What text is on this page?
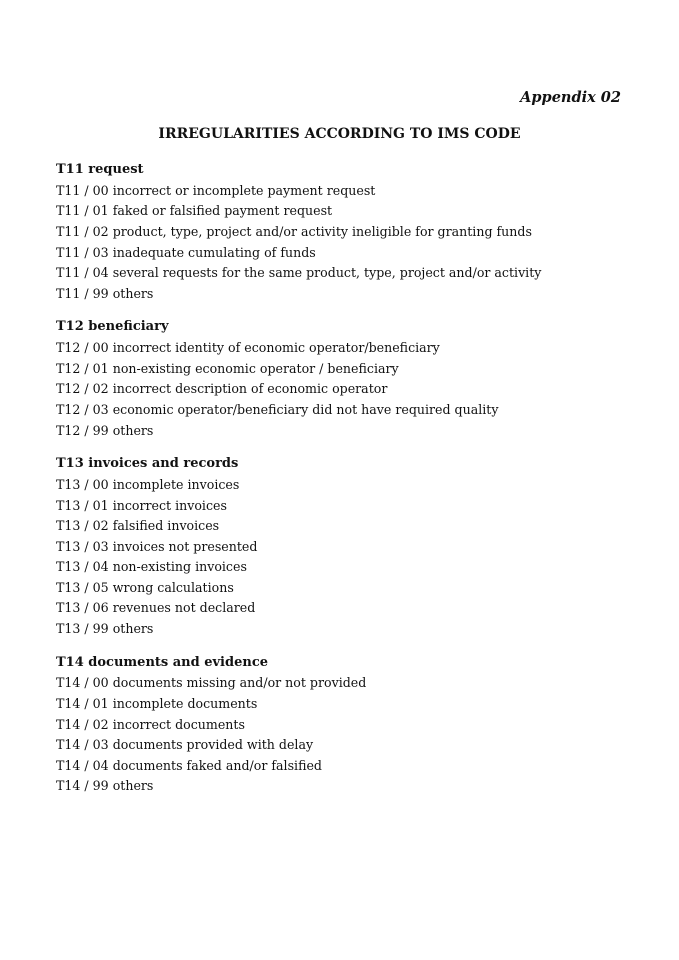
Appendix 02
IRREGULARITIES ACCORDING TO IMS CODE
T11 request
T11 / 00 incorrect or incomplete payment request
T11 / 01 faked or falsified payment request
T11 / 02 product, type, project and/or activity ineligible for granting funds
T11 / 03 inadequate cumulating of funds
T11 / 04 several requests for the same product, type, project and/or activity
T11 / 99 others
T12 beneficiary
T12 / 00 incorrect identity of economic operator/beneficiary
T12 / 01 non-existing economic operator / beneficiary
T12 / 02 incorrect description of economic operator
T12 / 03 economic operator/beneficiary did not have required quality
T12 / 99 others
T13 invoices and records
T13 / 00 incomplete invoices
T13 / 01 incorrect invoices
T13 / 02 falsified invoices
T13 / 03 invoices not presented
T13 / 04 non-existing invoices
T13 / 05 wrong calculations
T13 / 06 revenues not declared
T13 / 99 others
T14 documents and evidence
T14 / 00 documents missing and/or not provided
T14 / 01 incomplete documents
T14 / 02 incorrect documents
T14 / 03 documents provided with delay
T14 / 04 documents faked and/or falsified
T14 / 99 others
